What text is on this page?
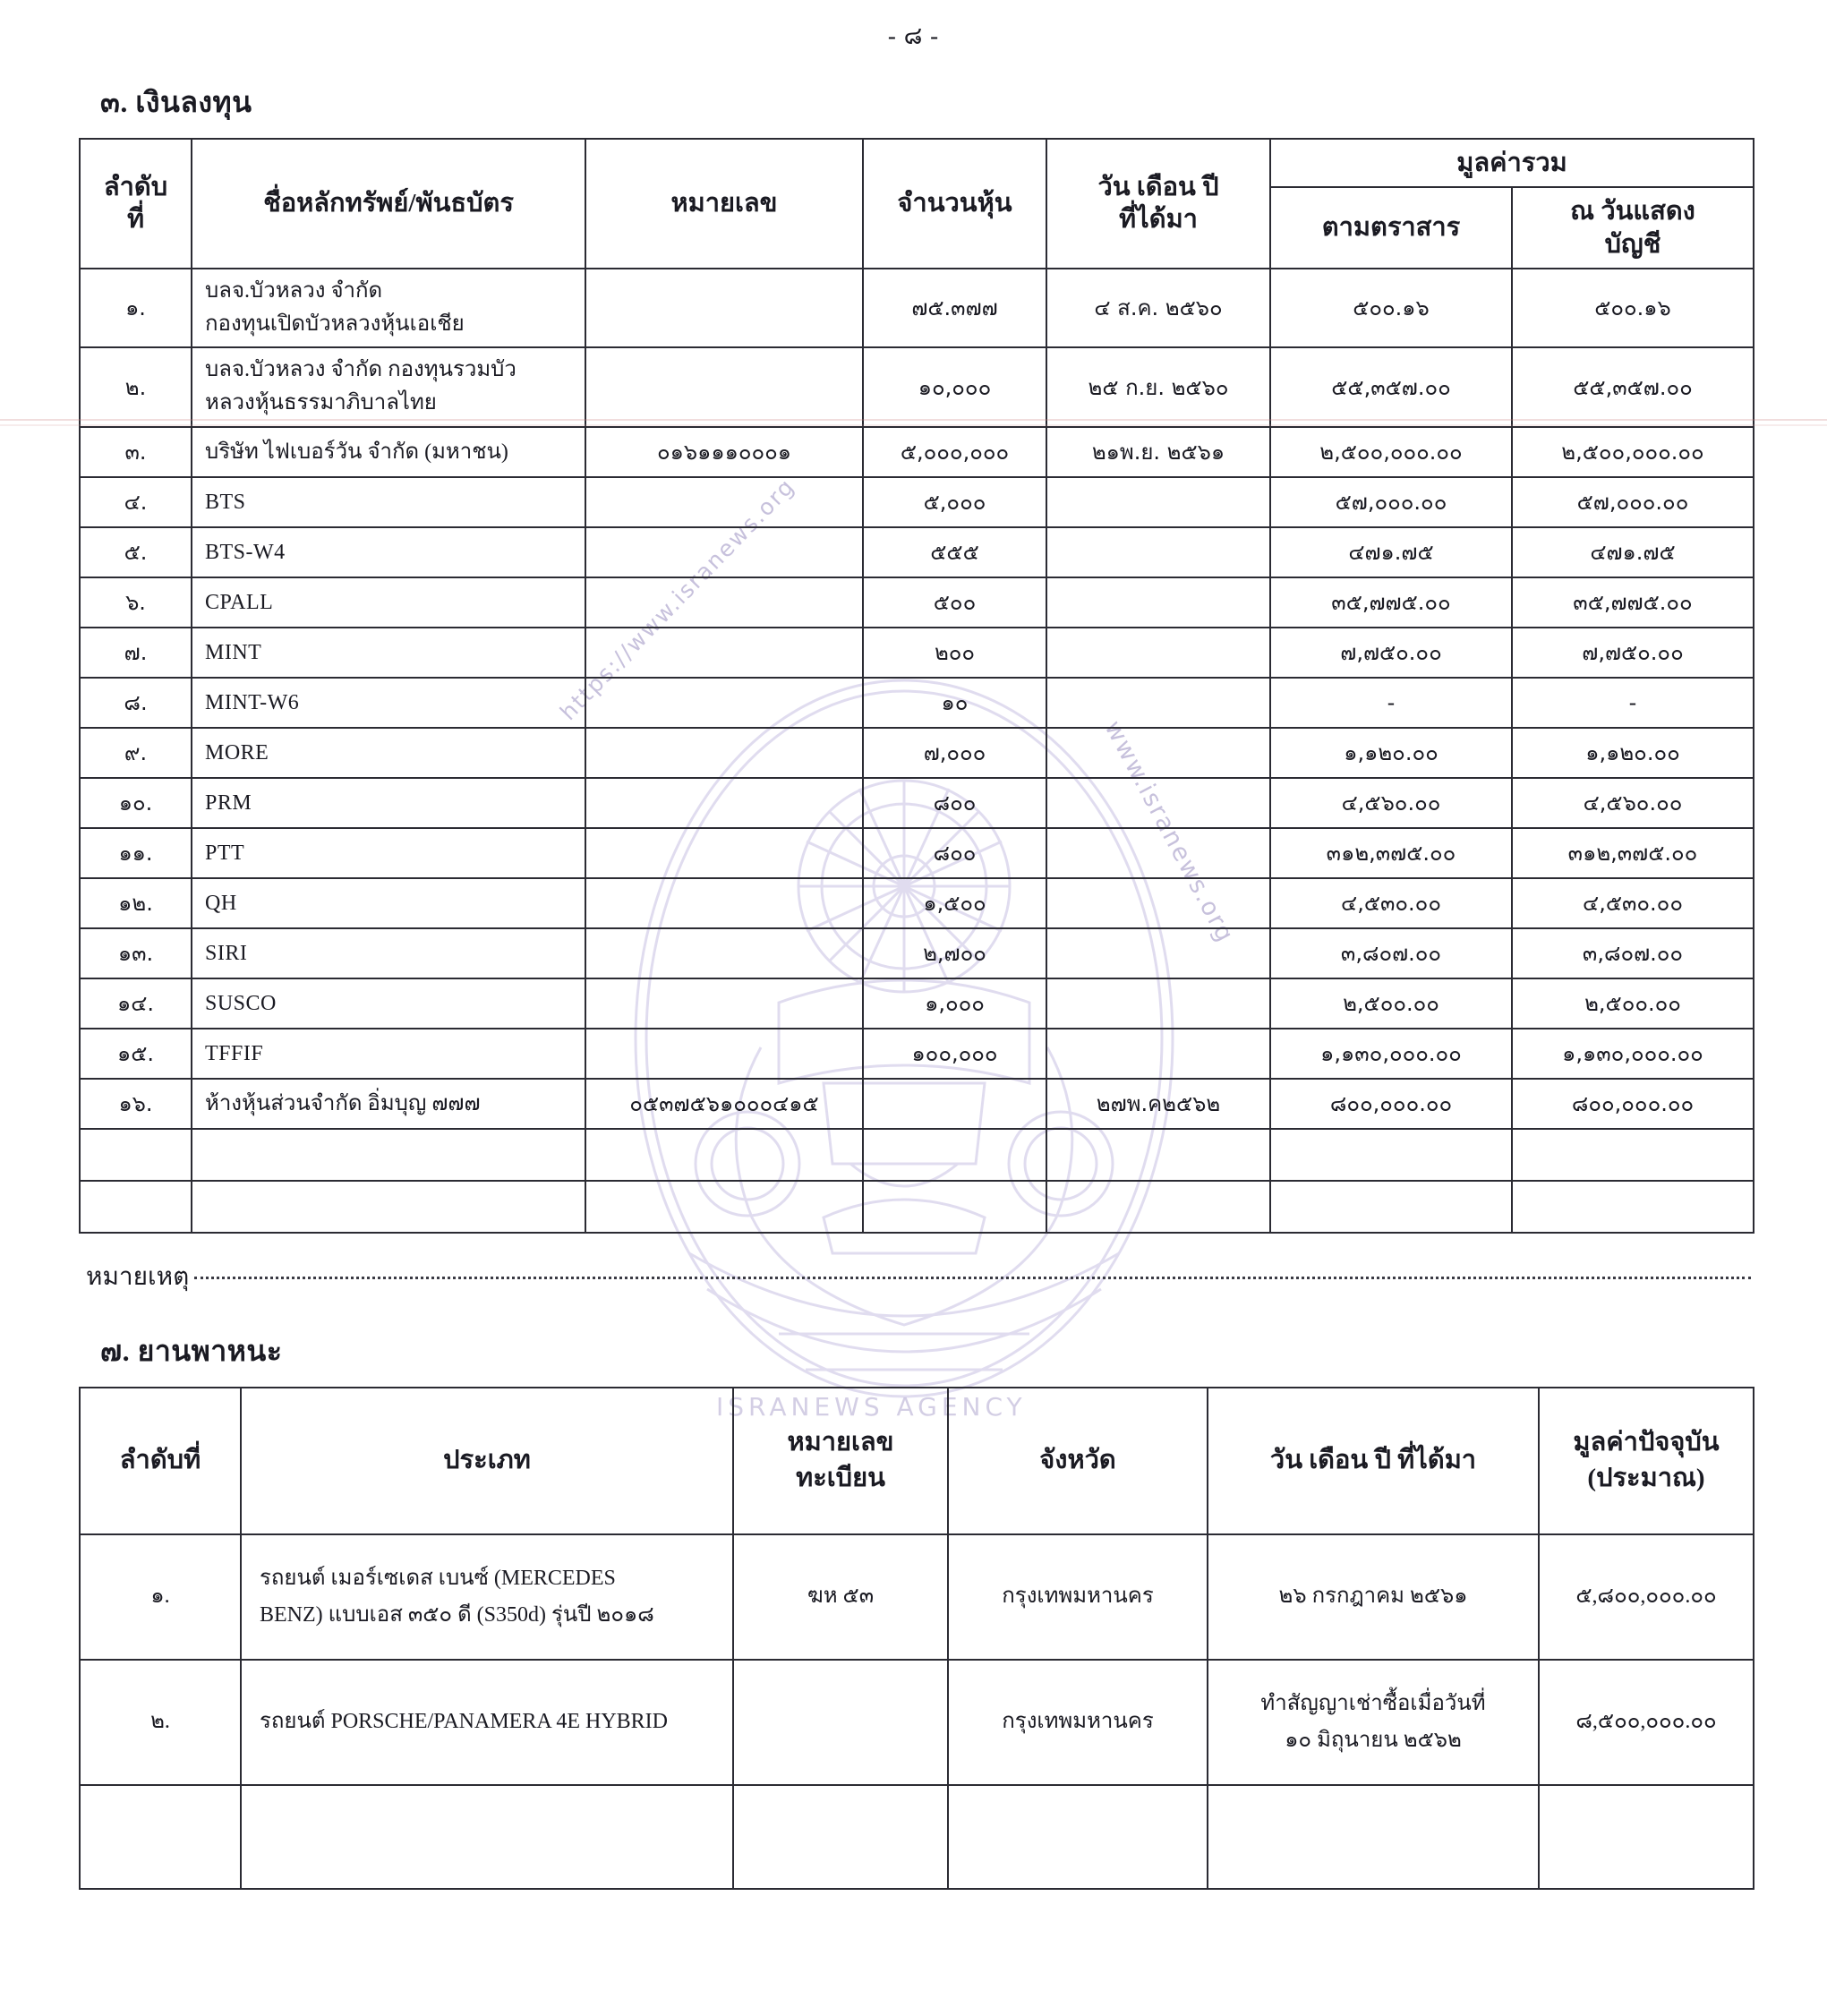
https://www.isranews.org
www.isranews.org
ISRANEWS AGENCY
- ๘ -
๓. เงินลงทุน
ลำดับ
ที่	ชื่อหลักทรัพย์/พันธบัตร	หมายเลข	จำนวนหุ้น	วัน เดือน ปี
ที่ได้มา	มูลค่ารวม	
					ตามตราสาร	ณ วันแสดง
บัญชี
๑.	บลจ.บัวหลวง จำกัด
กองทุนเปิดบัวหลวงหุ้นเอเชีย		๗๕.๓๗๗	๔ ส.ค. ๒๕๖๐	๕๐๐.๑๖	๕๐๐.๑๖
๒.	บลจ.บัวหลวง จำกัด กองทุนรวมบัว
หลวงหุ้นธรรมาภิบาลไทย		๑๐,๐๐๐	๒๕ ก.ย. ๒๕๖๐	๕๕,๓๕๗.๐๐	๕๕,๓๕๗.๐๐
๓.	บริษัท ไฟเบอร์วัน จำกัด (มหาชน)	๐๑๖๑๑๑๐๐๐๑	๕,๐๐๐,๐๐๐	๒๑พ.ย. ๒๕๖๑	๒,๕๐๐,๐๐๐.๐๐	๒,๕๐๐,๐๐๐.๐๐
๔.	BTS		๕,๐๐๐		๕๗,๐๐๐.๐๐	๕๗,๐๐๐.๐๐
๕.	BTS-W4		๕๕๕		๔๗๑.๗๕	๔๗๑.๗๕
๖.	CPALL		๕๐๐		๓๕,๗๗๕.๐๐	๓๕,๗๗๕.๐๐
๗.	MINT		๒๐๐		๗,๗๕๐.๐๐	๗,๗๕๐.๐๐
๘.	MINT-W6		๑๐		-	-
๙.	MORE		๗,๐๐๐		๑,๑๒๐.๐๐	๑,๑๒๐.๐๐
๑๐.	PRM		๘๐๐		๔,๕๖๐.๐๐	๔,๕๖๐.๐๐
๑๑.	PTT		๘๐๐		๓๑๒,๓๗๕.๐๐	๓๑๒,๓๗๕.๐๐
๑๒.	QH		๑,๕๐๐		๔,๕๓๐.๐๐	๔,๕๓๐.๐๐
๑๓.	SIRI		๒,๗๐๐		๓,๘๐๗.๐๐	๓,๘๐๗.๐๐
๑๔.	SUSCO		๑,๐๐๐		๒,๕๐๐.๐๐	๒,๕๐๐.๐๐
๑๕.	TFFIF		๑๐๐,๐๐๐		๑,๑๓๐,๐๐๐.๐๐	๑,๑๓๐,๐๐๐.๐๐
๑๖.	ห้างหุ้นส่วนจำกัด อิ่มบุญ ๗๗๗	๐๕๓๗๕๖๑๐๐๐๔๑๕		๒๗พ.ค๒๕๖๒	๘๐๐,๐๐๐.๐๐	๘๐๐,๐๐๐.๐๐

หมายเหตุ
๗. ยานพาหนะ
ลำดับที่	ประเภท	หมายเลข
ทะเบียน	จังหวัด	วัน เดือน ปี ที่ได้มา	มูลค่าปัจจุบัน
(ประมาณ)
๑.	รถยนต์ เมอร์เซเดส เบนซ์ (MERCEDES
BENZ) แบบเอส ๓๕๐ ดี (S350d) รุ่นปี ๒๐๑๘	ฆห ๕๓	กรุงเทพมหานคร	๒๖ กรกฎาคม ๒๕๖๑	๕,๘๐๐,๐๐๐.๐๐
๒.	รถยนต์ PORSCHE/PANAMERA 4E HYBRID		กรุงเทพมหานคร	ทำสัญญาเช่าซื้อเมื่อวันที่
๑๐ มิถุนายน ๒๕๖๒	๘,๕๐๐,๐๐๐.๐๐
